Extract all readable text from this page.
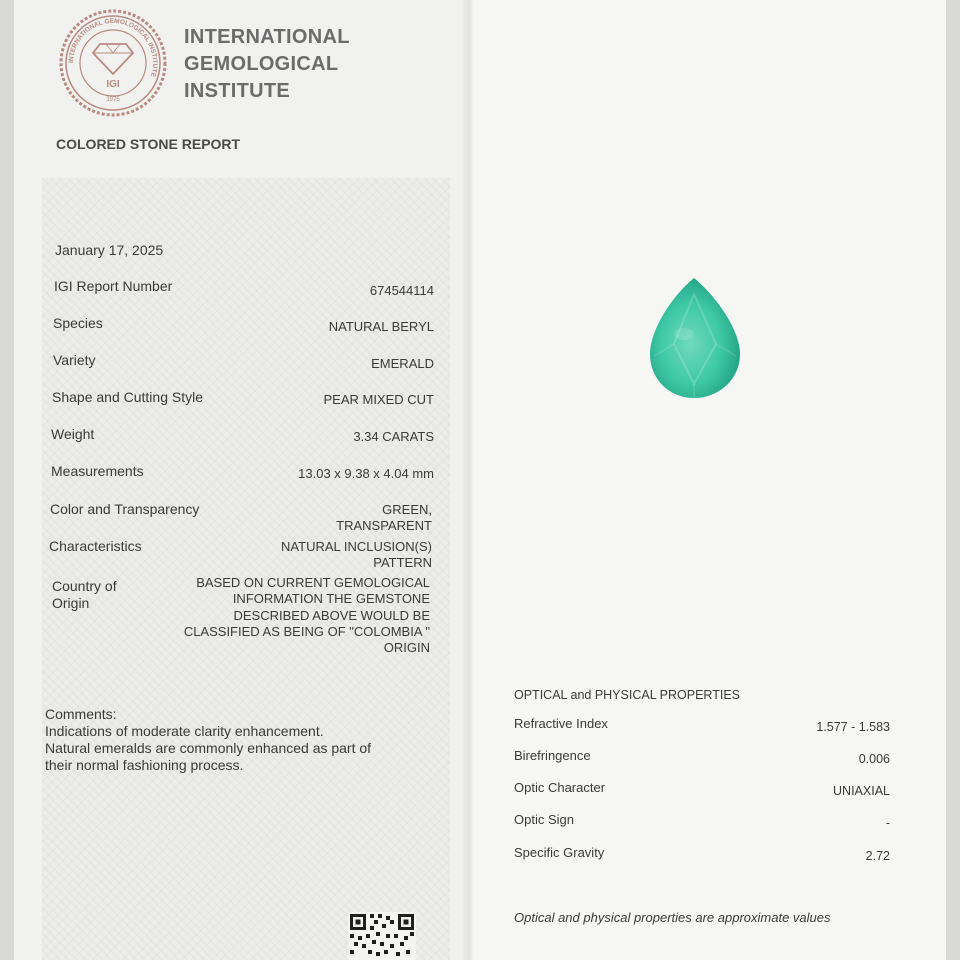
INTERNATIONAL GEMOLOGICAL INSTITUTE
IGI
1975
INTERNATIONAL
GEMOLOGICAL
INSTITUTE
COLORED STONE REPORT
January 17, 2025
IGI Report Number	674544114
Species	NATURAL BERYL
Variety	EMERALD
Shape and Cutting Style	PEAR MIXED CUT
Weight	3.34 CARATS
Measurements	13.03 x 9.38 x 4.04 mm
Color and Transparency	GREEN,
TRANSPARENT
Characteristics	NATURAL INCLUSION(S)
PATTERN
Country of
Origin
BASED ON CURRENT GEMOLOGICAL
INFORMATION THE GEMSTONE
DESCRIBED ABOVE WOULD BE
CLASSIFIED AS BEING OF "COLOMBIA "
ORIGIN
Comments:
Indications of moderate clarity enhancement.
Natural emeralds are commonly enhanced as part of
their normal fashioning process.
OPTICAL and PHYSICAL PROPERTIES
Refractive Index	1.577 - 1.583
Birefringence	0.006
Optic Character	UNIAXIAL
Optic Sign	-
Specific Gravity	2.72
Optical and physical properties are approximate values
